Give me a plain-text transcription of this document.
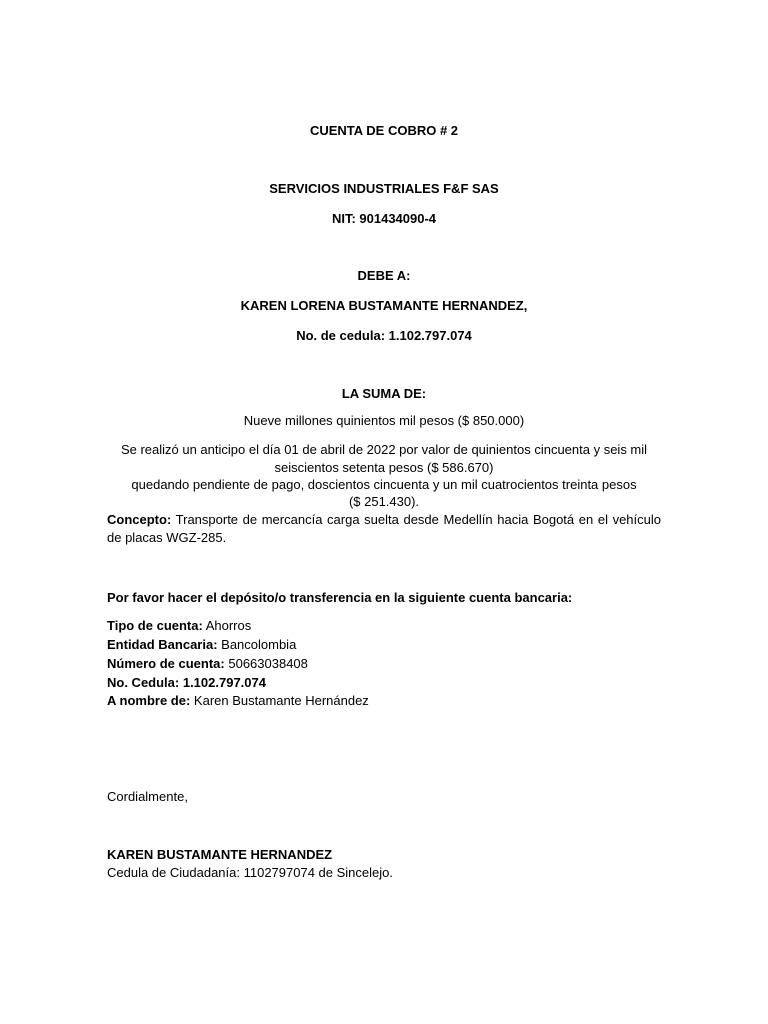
CUENTA DE COBRO # 2
SERVICIOS INDUSTRIALES F&F SAS
NIT: 901434090-4
DEBE A:
KAREN LORENA BUSTAMANTE HERNANDEZ,
No. de cedula: 1.102.797.074
LA SUMA DE:
Nueve millones quinientos mil pesos ($ 850.000)
Se realizó un anticipo el día 01 de abril de 2022 por valor de quinientos cincuenta y seis mil
seiscientos setenta pesos ($ 586.670)
quedando pendiente de pago, doscientos cincuenta y un mil cuatrocientos treinta pesos
($ 251.430).
Concepto: Transporte de mercancía carga suelta desde Medellín hacia Bogotá en el vehículo de placas WGZ-285.
Por favor hacer el depósito/o transferencia en la siguiente cuenta bancaria:
Tipo de cuenta: Ahorros
Entidad Bancaria: Bancolombia
Número de cuenta: 50663038408
No. Cedula: 1.102.797.074
A nombre de: Karen Bustamante Hernández
Cordialmente,
KAREN BUSTAMANTE HERNANDEZ
Cedula de Ciudadanía: 1102797074 de Sincelejo.
